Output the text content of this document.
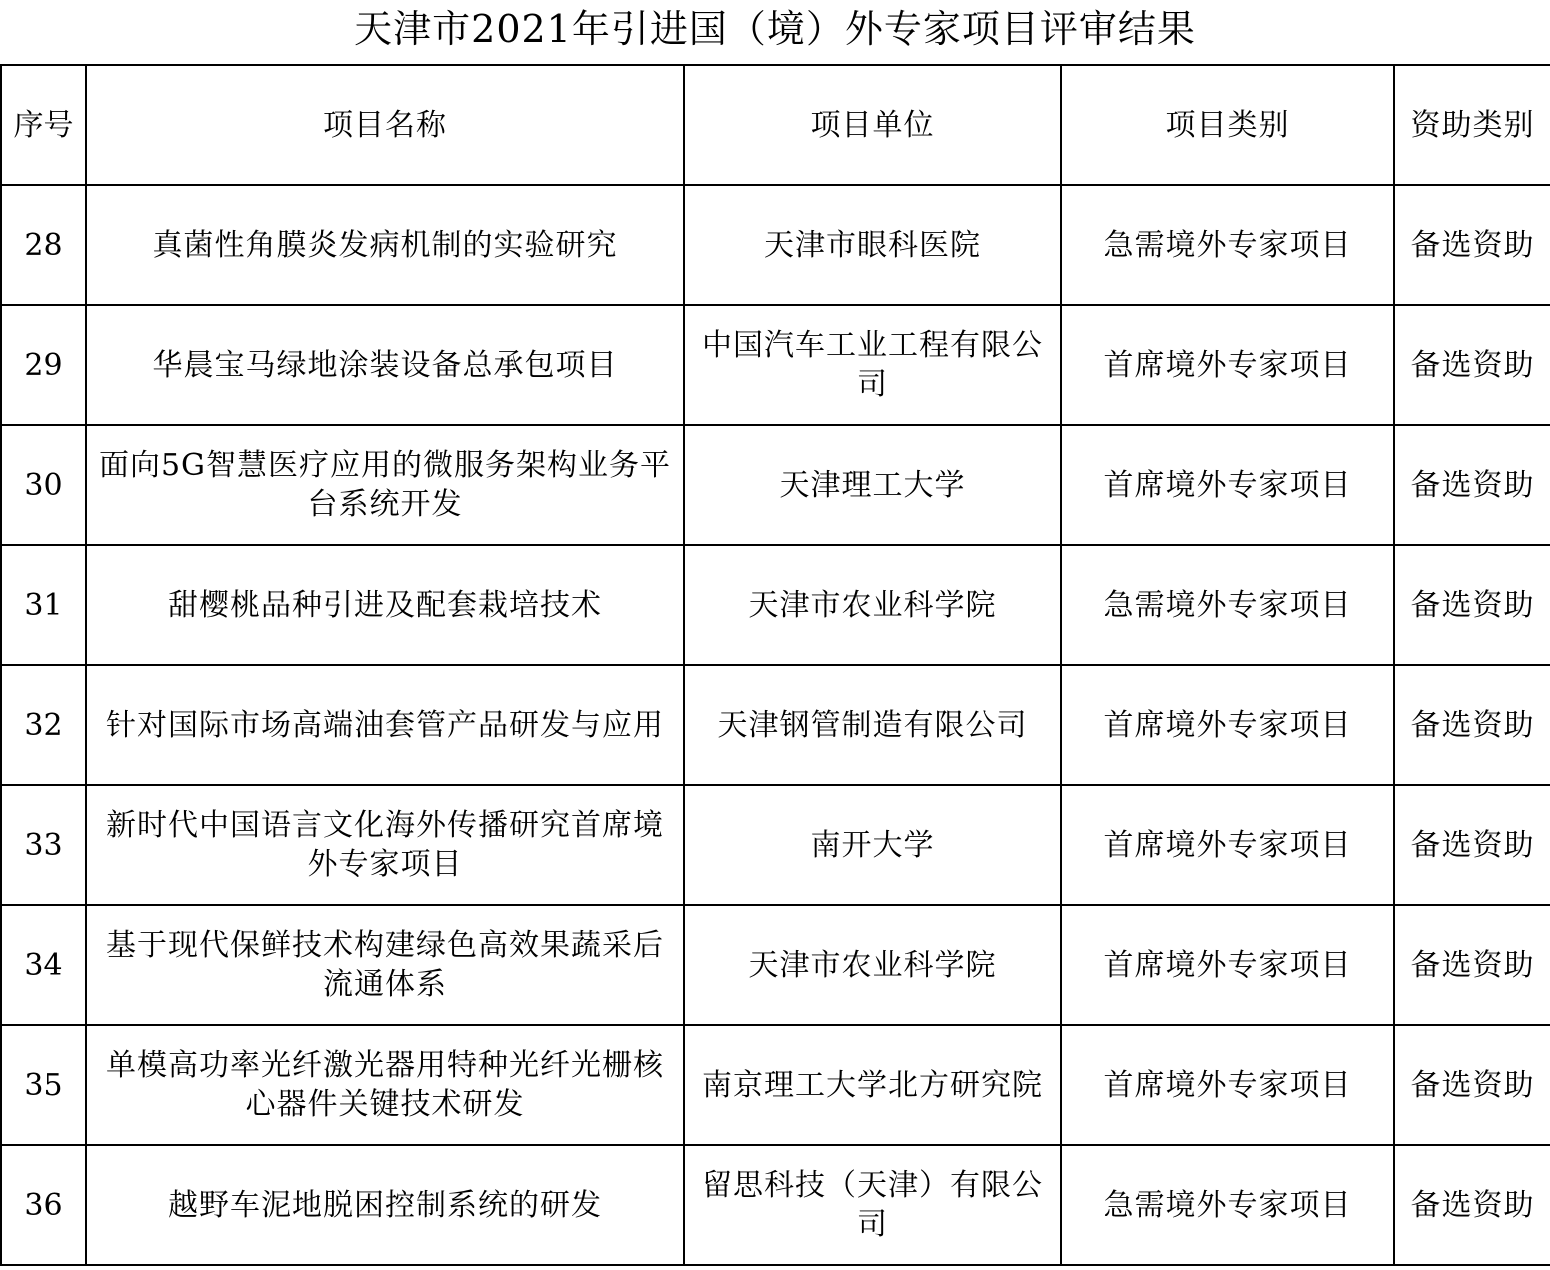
天津市2021年引进国（境）外专家项目评审结果
序号	项目名称	项目单位	项目类别	资助类别
28	真菌性角膜炎发病机制的实验研究	天津市眼科医院	急需境外专家项目	备选资助
29	华晨宝马绿地涂装设备总承包项目	中国汽车工业工程有限公司	首席境外专家项目	备选资助
30	面向5G智慧医疗应用的微服务架构业务平台系统开发	天津理工大学	首席境外专家项目	备选资助
31	甜樱桃品种引进及配套栽培技术	天津市农业科学院	急需境外专家项目	备选资助
32	针对国际市场高端油套管产品研发与应用	天津钢管制造有限公司	首席境外专家项目	备选资助
33	新时代中国语言文化海外传播研究首席境外专家项目	南开大学	首席境外专家项目	备选资助
34	基于现代保鲜技术构建绿色高效果蔬采后流通体系	天津市农业科学院	首席境外专家项目	备选资助
35	单模高功率光纤激光器用特种光纤光栅核心器件关键技术研发	南京理工大学北方研究院	首席境外专家项目	备选资助
36	越野车泥地脱困控制系统的研发	留思科技（天津）有限公司	急需境外专家项目	备选资助
